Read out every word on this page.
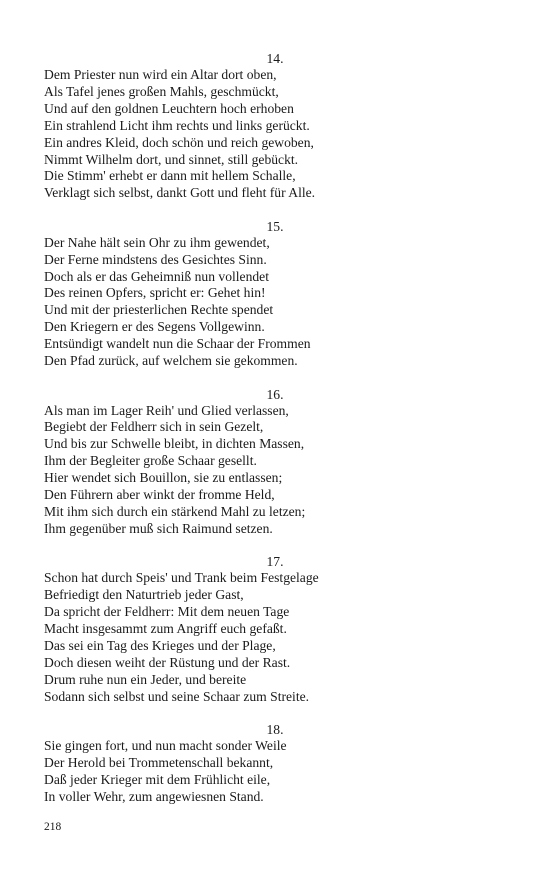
14.
Dem Priester nun wird ein Altar dort oben,
Als Tafel jenes großen Mahls, geschmückt,
Und auf den goldnen Leuchtern hoch erhoben
Ein strahlend Licht ihm rechts und links gerückt.
Ein andres Kleid, doch schön und reich gewoben,
Nimmt Wilhelm dort, und sinnet, still gebückt.
Die Stimm' erhebt er dann mit hellem Schalle,
Verklagt sich selbst, dankt Gott und fleht für Alle.
15.
Der Nahe hält sein Ohr zu ihm gewendet,
Der Ferne mindstens des Gesichtes Sinn.
Doch als er das Geheimniß nun vollendet
Des reinen Opfers, spricht er: Gehet hin!
Und mit der priesterlichen Rechte spendet
Den Kriegern er des Segens Vollgewinn.
Entsündigt wandelt nun die Schaar der Frommen
Den Pfad zurück, auf welchem sie gekommen.
16.
Als man im Lager Reih' und Glied verlassen,
Begiebt der Feldherr sich in sein Gezelt,
Und bis zur Schwelle bleibt, in dichten Massen,
Ihm der Begleiter große Schaar gesellt.
Hier wendet sich Bouillon, sie zu entlassen;
Den Führern aber winkt der fromme Held,
Mit ihm sich durch ein stärkend Mahl zu letzen;
Ihm gegenüber muß sich Raimund setzen.
17.
Schon hat durch Speis' und Trank beim Festgelage
Befriedigt den Naturtrieb jeder Gast,
Da spricht der Feldherr: Mit dem neuen Tage
Macht insgesammt zum Angriff euch gefaßt.
Das sei ein Tag des Krieges und der Plage,
Doch diesen weiht der Rüstung und der Rast.
Drum ruhe nun ein Jeder, und bereite
Sodann sich selbst und seine Schaar zum Streite.
18.
Sie gingen fort, und nun macht sonder Weile
Der Herold bei Trommetenschall bekannt,
Daß jeder Krieger mit dem Frühlicht eile,
In voller Wehr, zum angewiesnen Stand.
218
